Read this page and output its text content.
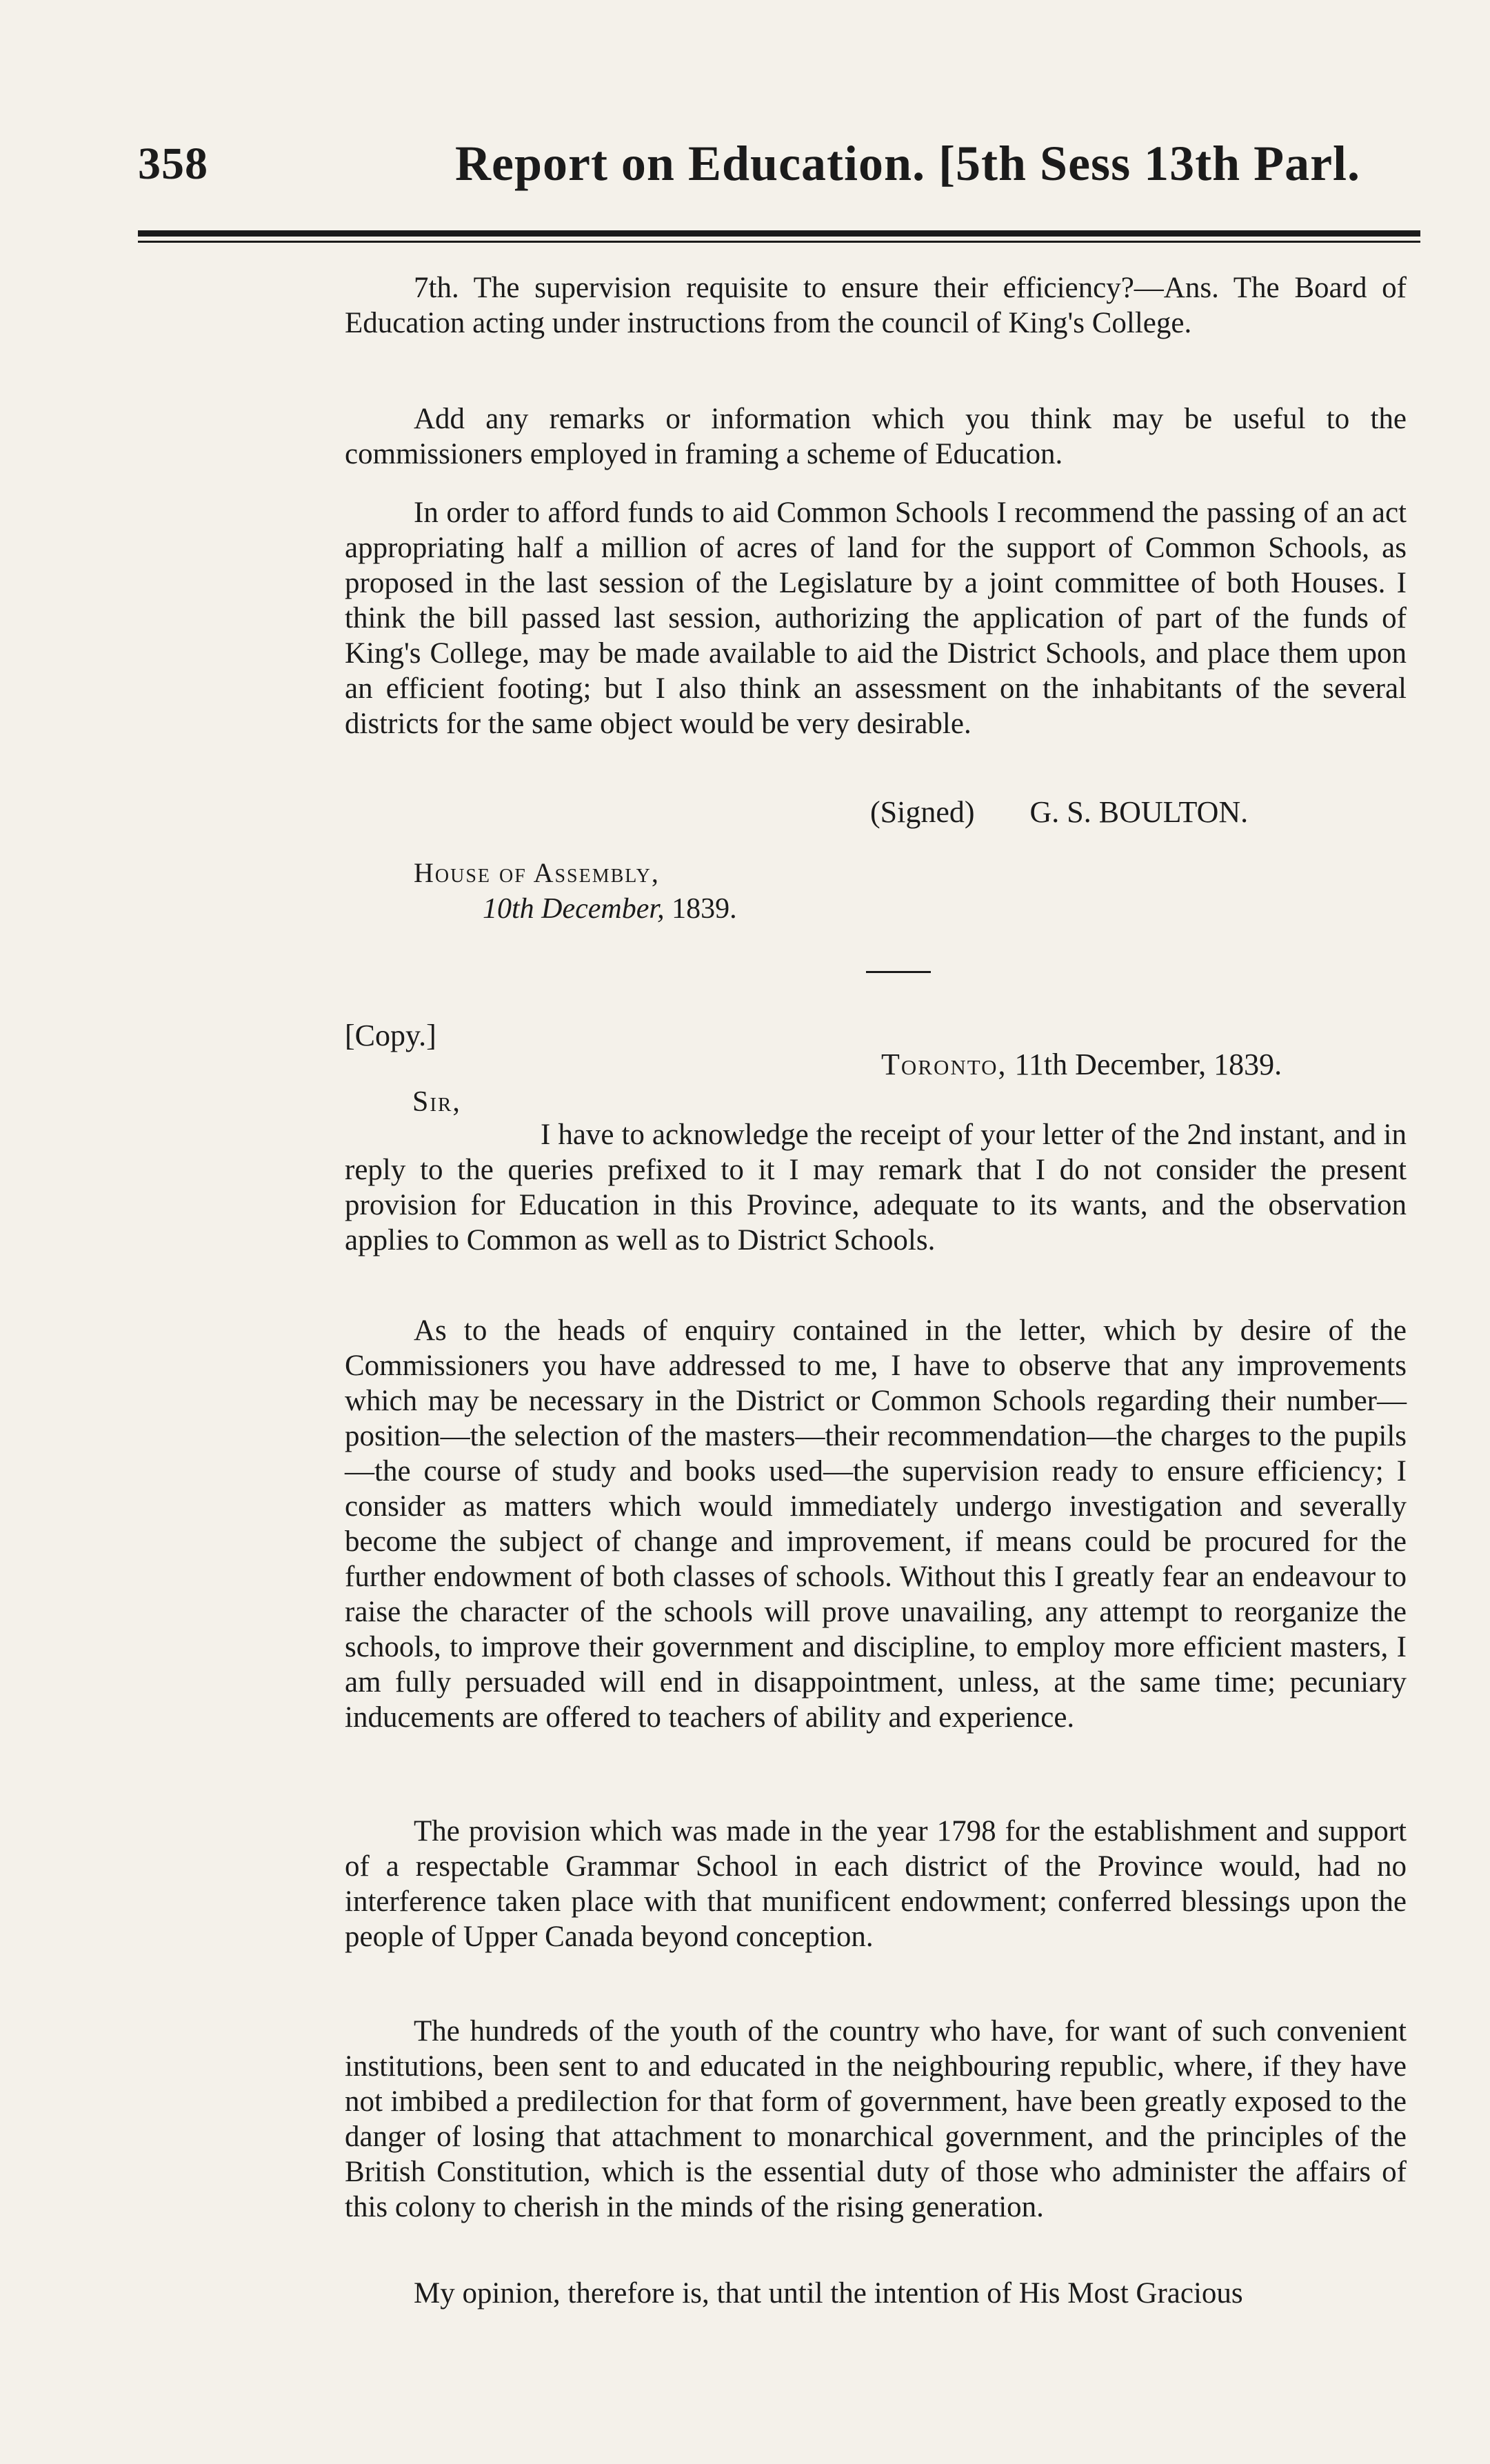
358	Report on Education. [5th Sess 13th Parl.
7th. The supervision requisite to ensure their efficiency?—Ans. The Board of Education acting under instructions from the council of King's College.
Add any remarks or information which you think may be useful to the commissioners employed in framing a scheme of Education.
In order to afford funds to aid Common Schools I recommend the passing of an act appropriating half a million of acres of land for the support of Common Schools, as proposed in the last session of the Legislature by a joint committee of both Houses. I think the bill passed last session, authorizing the application of part of the funds of King's College, may be made available to aid the District Schools, and place them upon an efficient footing; but I also think an assessment on the inhabitants of the several districts for the same object would be very desirable.
(Signed) G. S. BOULTON.
House of Assembly,
10th December, 1839.
[Copy.]
Toronto, 11th December, 1839.
Sir,
I have to acknowledge the receipt of your letter of the 2nd instant, and in reply to the queries prefixed to it I may remark that I do not consider the present provision for Education in this Province, adequate to its wants, and the observation applies to Common as well as to District Schools.
As to the heads of enquiry contained in the letter, which by desire of the Commissioners you have addressed to me, I have to observe that any improvements which may be necessary in the District or Common Schools regarding their number—position—the selection of the masters—their recommendation—the charges to the pupils—the course of study and books used—the supervision ready to ensure efficiency; I consider as matters which would immediately undergo investigation and severally become the subject of change and improvement, if means could be procured for the further endowment of both classes of schools. Without this I greatly fear an endeavour to raise the character of the schools will prove unavailing, any attempt to reorganize the schools, to improve their government and discipline, to employ more efficient masters, I am fully persuaded will end in disappointment, unless, at the same time; pecuniary inducements are offered to teachers of ability and experience.
The provision which was made in the year 1798 for the establishment and support of a respectable Grammar School in each district of the Province would, had no interference taken place with that munificent endowment; conferred blessings upon the people of Upper Canada beyond conception.
The hundreds of the youth of the country who have, for want of such convenient institutions, been sent to and educated in the neighbouring republic, where, if they have not imbibed a predilection for that form of government, have been greatly exposed to the danger of losing that attachment to monarchical government, and the principles of the British Constitution, which is the essential duty of those who administer the affairs of this colony to cherish in the minds of the rising generation.
My opinion, therefore is, that until the intention of His Most Gracious
